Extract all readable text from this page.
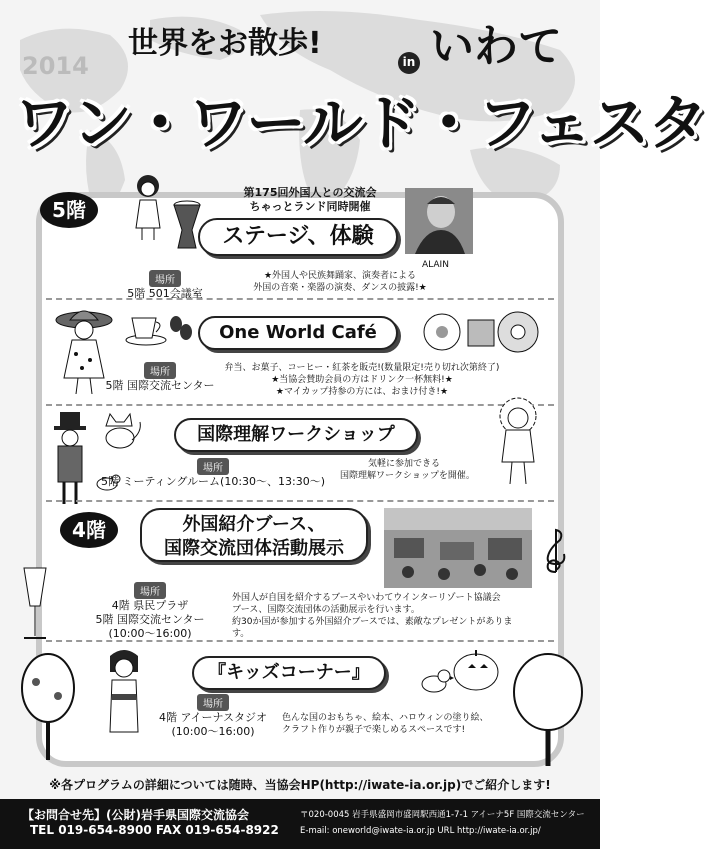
2014
世界をお散歩!
in いわて
ワン・ワールド・フェスタ
5階
第175回外国人との交流会
ちゃっとランド同時開催
ステージ、体験
ALAIN
場所
5階 501会議室
★外国人や民族舞踊家、演奏者による
外国の音楽・楽器の演奏、ダンスの披露!★
One World Café
場所
5階 国際交流センター
弁当、お菓子、コーヒー・紅茶を販売!(数量限定!売り切れ次第終了)
★当協会賛助会員の方はドリンク一杯無料!★
★マイカップ持参の方には、おまけ付き!★
国際理解ワークショップ
場所
5階 ミーティングルーム(10:30〜、13:30〜)
気軽に参加できる
国際理解ワークショップを開催。
4階	外国紹介ブース、
国際交流団体活動展示
場所
4階 県民プラザ
5階 国際交流センター
(10:00〜16:00)
外国人が自国を紹介するブースやいわてウインターリゾート協議会
ブース、国際交流団体の活動展示を行います。
約30か国が参加する外国紹介ブースでは、素敵なプレゼントがありま
す。
『キッズコーナー』
場所
4階 アイーナスタジオ
(10:00〜16:00)
色んな国のおもちゃ、絵本、ハロウィンの塗り絵、
クラフト作りが親子で楽しめるスペースです!
※各プログラムの詳細については随時、当協会HP(http://iwate-ia.or.jp)でご紹介します!
【お問合せ先】(公財)岩手県国際交流協会
TEL 019-654-8900 FAX 019-654-8922
〒020-0045 岩手県盛岡市盛岡駅西通1-7-1 アイーナ5F 国際交流センター
E-mail: oneworld@iwate-ia.or.jp URL http://iwate-ia.or.jp/
